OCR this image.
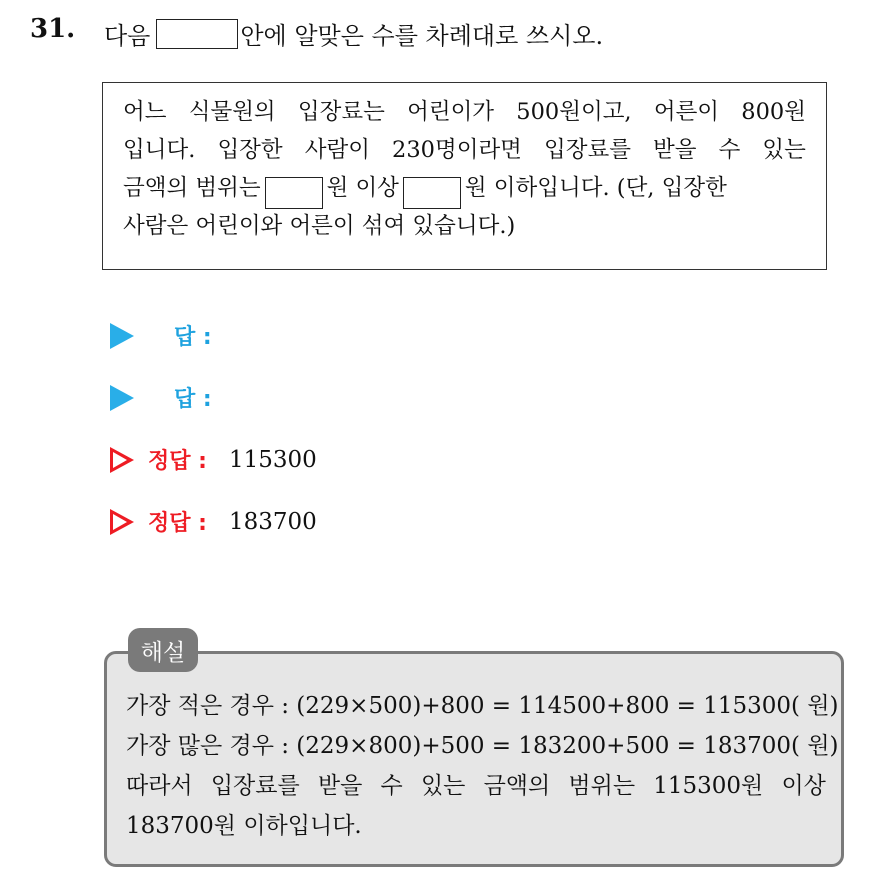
31. 다음	안에 알맞은 수를 차례대로 쓰시오.
어느 식물원의 입장료는 어린이가 500원이고, 어른이 800원
입니다. 입장한 사람이 230명이라면 입장료를 받을 수 있는
금액의 범위는	원 이상	원 이하입니다. (단, 입장한
사람은 어린이와 어른이 섞여 있습니다.)
답 :
답 :
정답 : 115300
정답 : 183700
해설
가장 적은 경우 : (229×500)+800 = 114500+800 = 115300( 원)
가장 많은 경우 : (229×800)+500 = 183200+500 = 183700( 원)
따라서 입장료를 받을 수 있는 금액의 범위는 115300원 이상
183700원 이하입니다.
